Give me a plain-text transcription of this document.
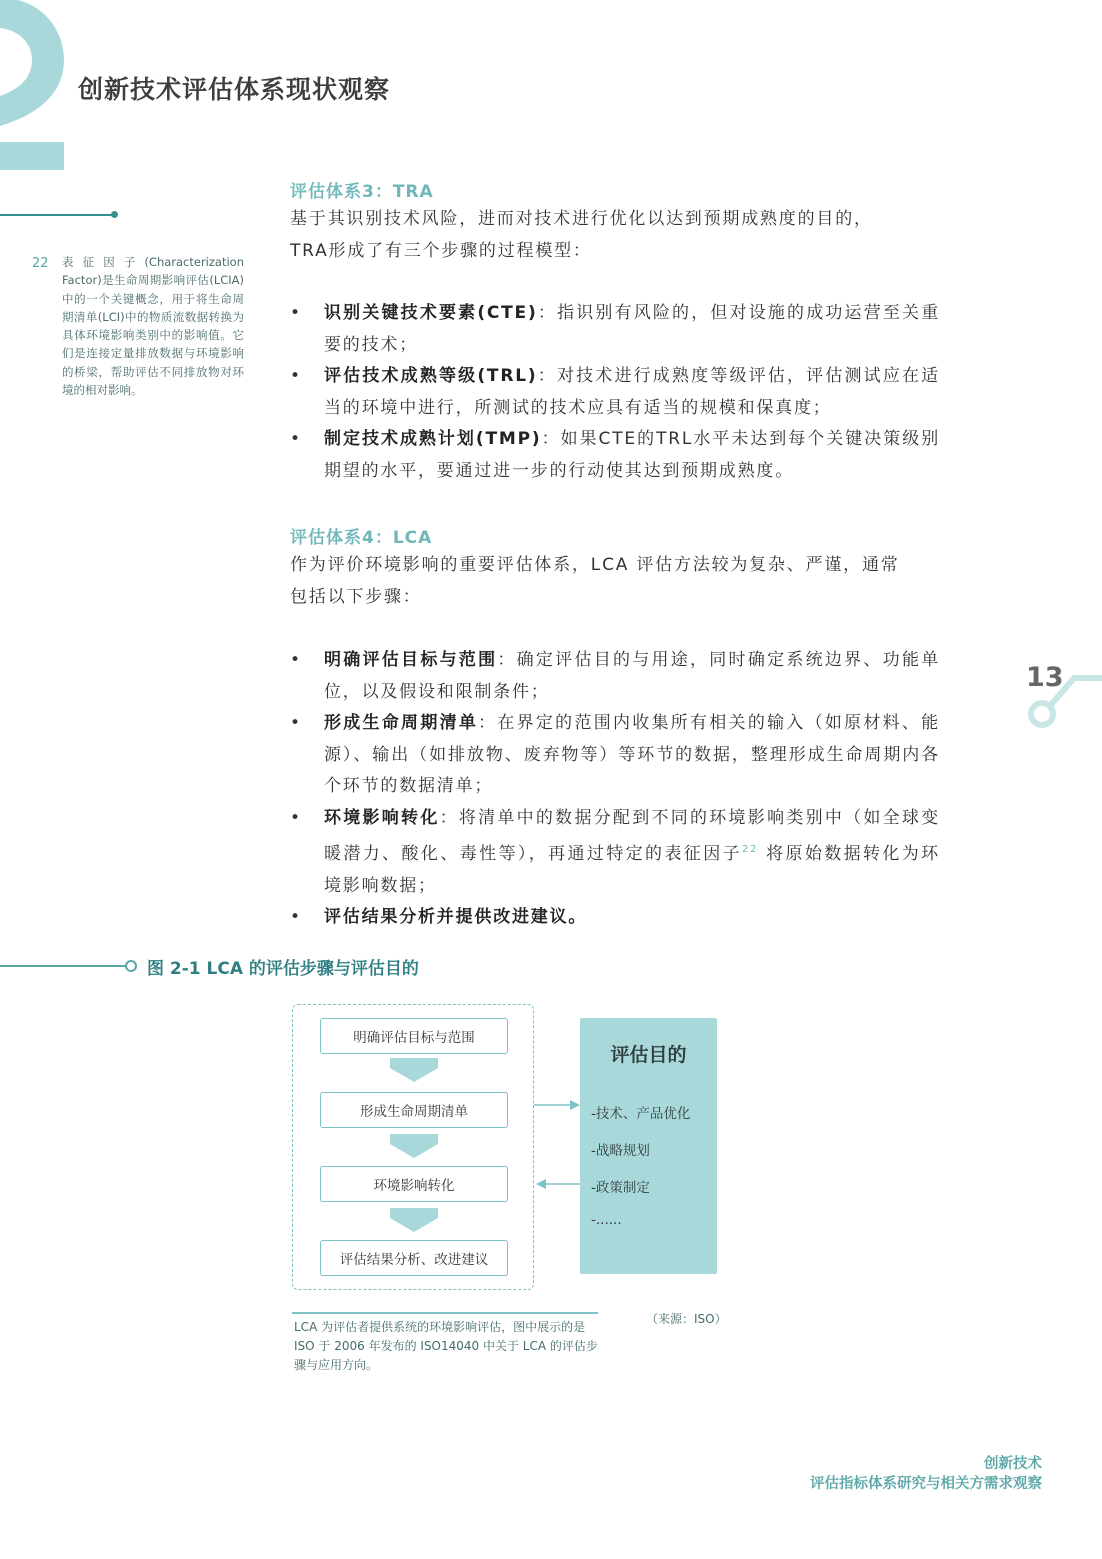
创新技术评估体系现状观察
22 表征因子(Characterization Factor)是生命周期影响评估(LCIA)中的一个关键概念，用于将生命周期清单(LCI)中的物质流数据转换为具体环境影响类别中的影响值。它们是连接定量排放数据与环境影响的桥梁，帮助评估不同排放物对环境的相对影响。
评估体系3：TRA
基于其识别技术风险，进而对技术进行优化以达到预期成熟度的目的，
TRA形成了有三个步骤的过程模型：
• 识别关键技术要素(CTE)：指识别有风险的，但对设施的成功运营至关重要的技术；
• 评估技术成熟等级(TRL)：对技术进行成熟度等级评估，评估测试应在适当的环境中进行，所测试的技术应具有适当的规模和保真度；
• 制定技术成熟计划(TMP)：如果CTE的TRL水平未达到每个关键决策级别期望的水平，要通过进一步的行动使其达到预期成熟度。
评估体系4：LCA
作为评价环境影响的重要评估体系，LCA 评估方法较为复杂、严谨，通常
包括以下步骤：
• 明确评估目标与范围：确定评估目的与用途，同时确定系统边界、功能单位，以及假设和限制条件；
• 形成生命周期清单：在界定的范围内收集所有相关的输入（如原材料、能源）、输出（如排放物、废弃物等）等环节的数据，整理形成生命周期内各个环节的数据清单；
• 环境影响转化：将清单中的数据分配到不同的环境影响类别中（如全球变暖潜力、酸化、毒性等），再通过特定的表征因子$^{22}$ 将原始数据转化为环境影响数据；
• 评估结果分析并提供改进建议。
图 2-1 LCA 的评估步骤与评估目的
明确评估目标与范围
形成生命周期清单
环境影响转化
评估结果分析、改进建议
评估目的
-技术、产品优化
-战略规划
-政策制定
-......
LCA 为评估者提供系统的环境影响评估，图中展示的是 ISO 于 2006 年发布的 ISO14040 中关于 LCA 的评估步骤与应用方向。
（来源：ISO）
13
创新技术
评估指标体系研究与相关方需求观察
